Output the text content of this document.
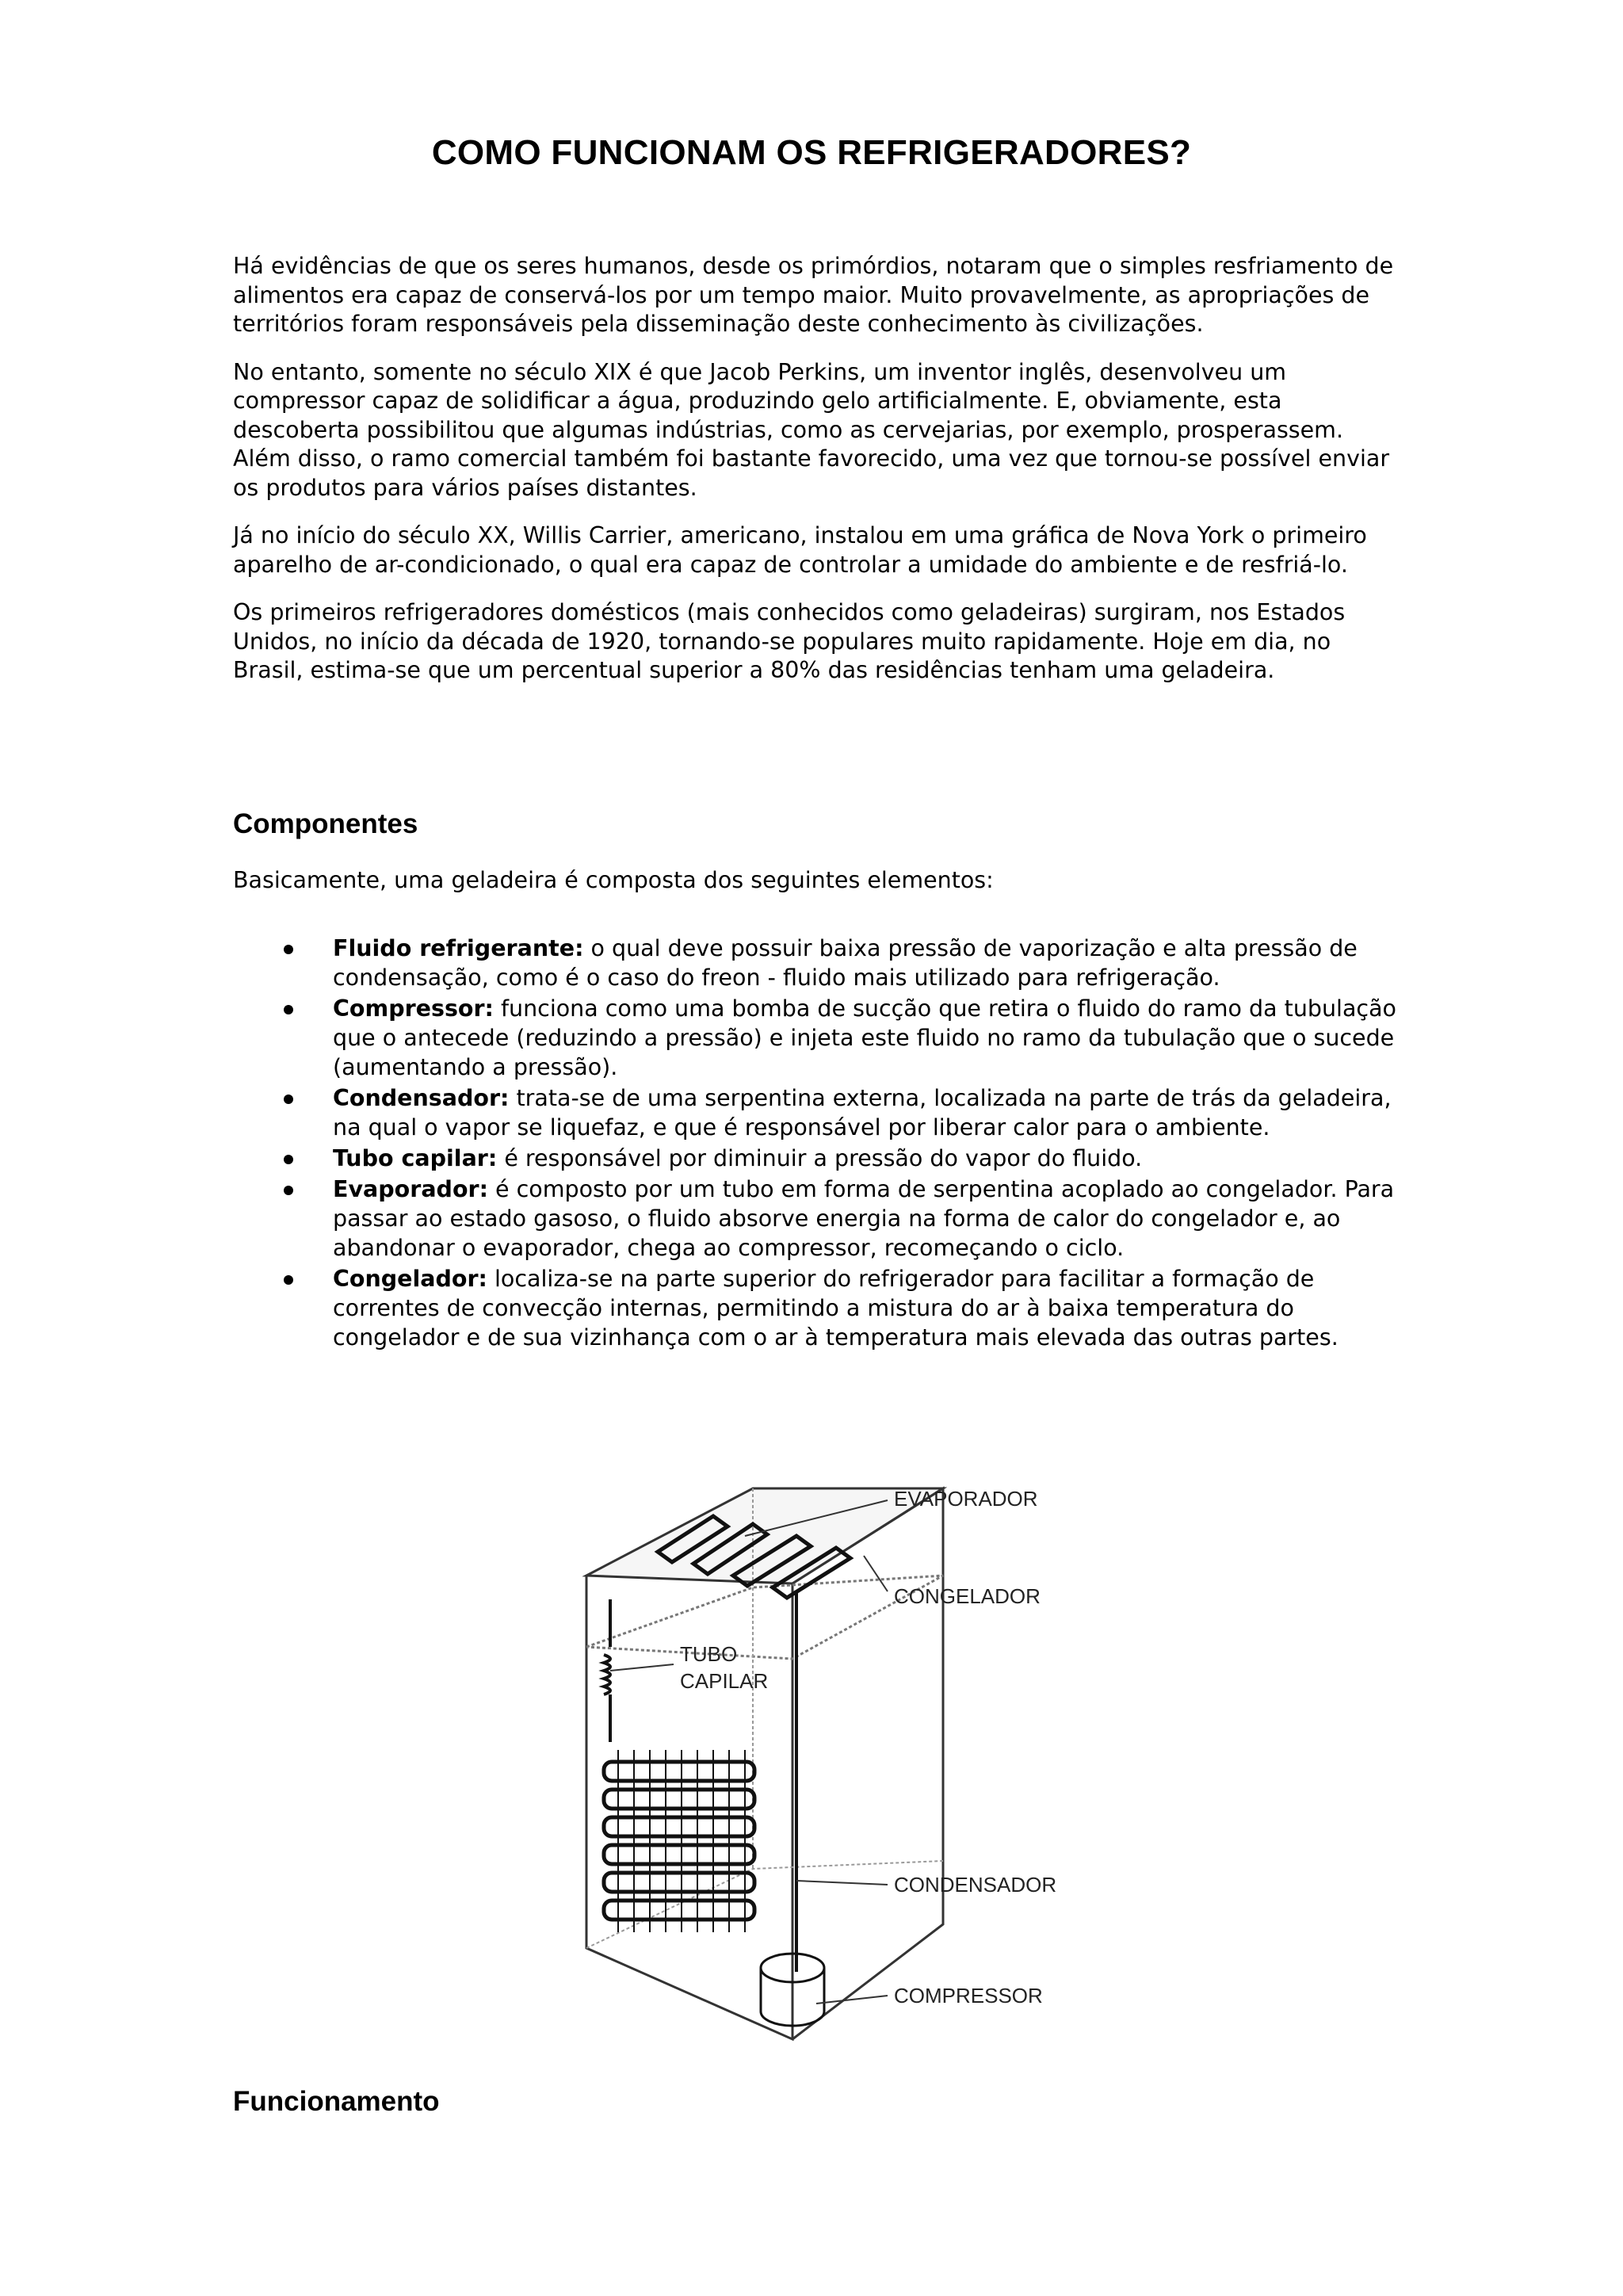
COMO FUNCIONAM OS REFRIGERADORES?

Há evidências de que os seres humanos, desde os primórdios, notaram que o simples resfriamento de alimentos era capaz de conservá-los por um tempo maior. Muito provavelmente, as apropriações de territórios foram responsáveis pela disseminação deste conhecimento às civilizações.

No entanto, somente no século XIX é que Jacob Perkins, um inventor inglês, desenvolveu um compressor capaz de solidificar a água, produzindo gelo artificialmente. E, obviamente, esta descoberta possibilitou que algumas indústrias, como as cervejarias, por exemplo, prosperassem. Além disso, o ramo comercial também foi bastante favorecido, uma vez que tornou-se possível enviar os produtos para vários países distantes.

Já no início do século XX, Willis Carrier, americano, instalou em uma gráfica de Nova York o primeiro aparelho de ar-condicionado, o qual era capaz de controlar a umidade do ambiente e de resfriá-lo.

Os primeiros refrigeradores domésticos (mais conhecidos como geladeiras) surgiram, nos Estados Unidos, no início da década de 1920, tornando-se populares muito rapidamente. Hoje em dia, no Brasil, estima-se que um percentual superior a 80% das residências tenham uma geladeira.

Componentes

Basicamente, uma geladeira é composta dos seguintes elementos:

Fluido refrigerante: o qual deve possuir baixa pressão de vaporização e alta pressão de condensação, como é o caso do freon - fluido mais utilizado para refrigeração.
Compressor: funciona como uma bomba de sucção que retira o fluido do ramo da tubulação que o antecede (reduzindo a pressão) e injeta este fluido no ramo da tubulação que o sucede (aumentando a pressão).
Condensador: trata-se de uma serpentina externa, localizada na parte de trás da geladeira, na qual o vapor se liquefaz, e que é responsável por liberar calor para o ambiente.
Tubo capilar: é responsável por diminuir a pressão do vapor do fluido.
Evaporador: é composto por um tubo em forma de serpentina acoplado ao congelador. Para passar ao estado gasoso, o fluido absorve energia na forma de calor do congelador e, ao abandonar o evaporador, chega ao compressor, recomeçando o ciclo.
Congelador: localiza-se na parte superior do refrigerador para facilitar a formação de correntes de convecção internas, permitindo a mistura do ar à baixa temperatura do congelador e de sua vizinhança com o ar à temperatura mais elevada das outras partes.
EVAPORADOR
CONGELADOR
TUBO
CAPILAR
CONDENSADOR
COMPRESSOR
Funcionamento
